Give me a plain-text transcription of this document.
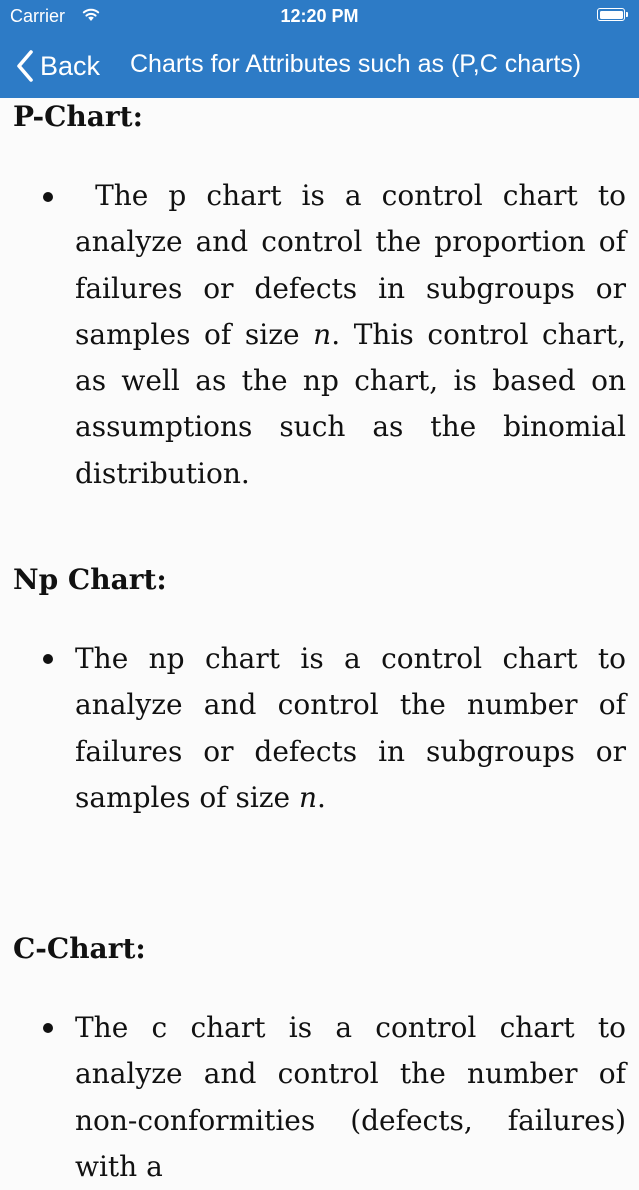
Carrier	12:20 PM
Back Charts for Attributes such as (P,C charts)
P-Chart:

The p chart is a control chart to analyze and control the proportion of failures or defects in subgroups or samples of size n. This control chart, as well as the np chart, is based on assumptions such as the binomial distribution.

Np Chart:

The np chart is a control chart to analyze and control the number of failures or defects in subgroups or samples of size n.

C-Chart:

The c chart is a control chart to analyze and control the number of non-conformities (defects, failures) with a
